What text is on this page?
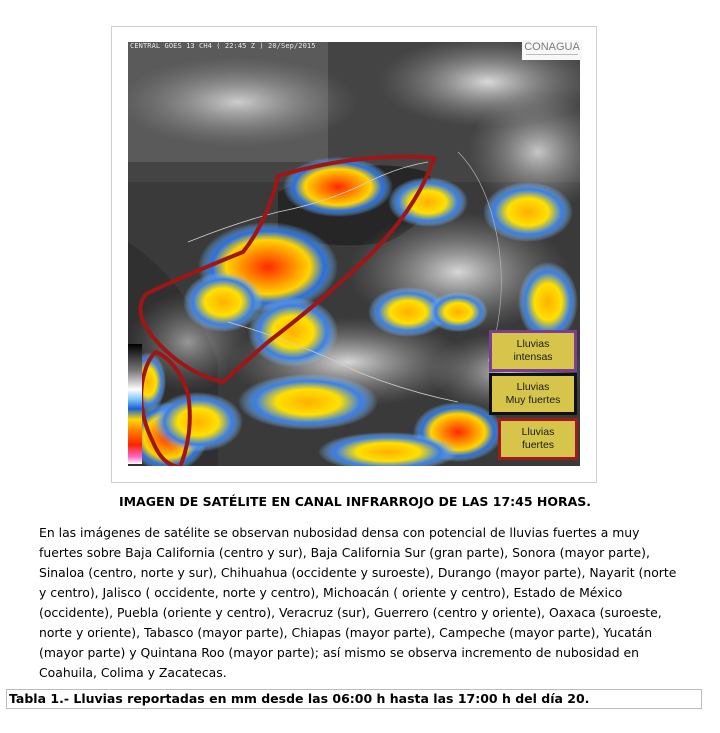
CENTRAL GOES 13 CH4 ( 22:45 Z ) 20/Sep/2015	CONAGUA
Lluvias
intensas
Lluvias
Muy fuertes
Lluvias
fuertes
IMAGEN DE SATÉLITE EN CANAL INFRARROJO DE LAS 17:45 HORAS.
En las imágenes de satélite se observan nubosidad densa con potencial de lluvias fuertes a muy fuertes sobre Baja California (centro y sur), Baja California Sur (gran parte), Sonora (mayor parte), Sinaloa (centro, norte y sur), Chihuahua (occidente y suroeste), Durango (mayor parte), Nayarit (norte y centro), Jalisco ( occidente, norte y centro), Michoacán ( oriente y centro), Estado de México (occidente), Puebla (oriente y centro), Veracruz (sur), Guerrero (centro y oriente), Oaxaca (suroeste, norte y oriente), Tabasco (mayor parte), Chiapas (mayor parte), Campeche (mayor parte), Yucatán (mayor parte) y Quintana Roo (mayor parte); así mismo se observa incremento de nubosidad en Coahuila, Colima y Zacatecas.
Tabla 1.- Lluvias reportadas en mm desde las 06:00 h hasta las 17:00 h del día 20.
